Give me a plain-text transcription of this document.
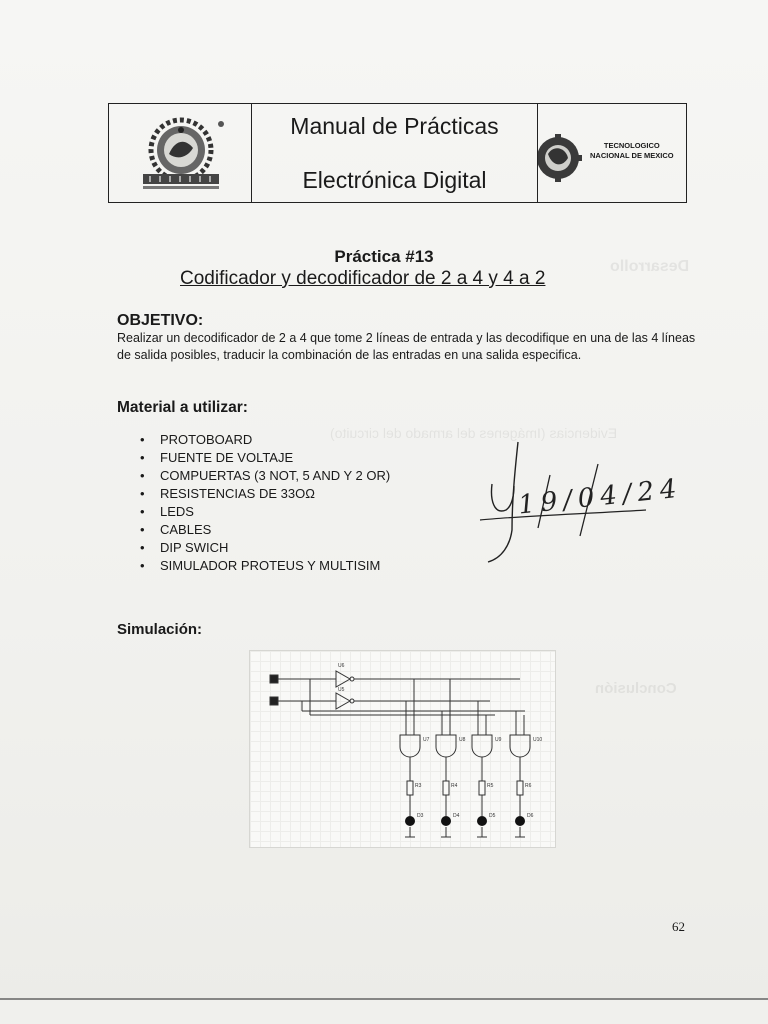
Desarrollo
Evidencias (Imágenes del armado del circuito)
Conclusión
Manual de Prácticas
Electrónica Digital
TECNOLOGICO
NACIONAL DE MEXICO
Práctica #13
Codificador y decodificador de 2 a 4 y 4 a 2
OBJETIVO:
Realizar un decodificador de 2 a 4 que tome 2 líneas de entrada y las decodifique en una de las 4 líneas de salida posibles, traducir la combinación de las entradas en una salida especifica.
Material a utilizar:
• PROTOBOARD
• FUENTE DE VOLTAJE
• COMPUERTAS (3 NOT, 5 AND Y 2 OR)
• RESISTENCIAS DE 33OΩ
• LEDS
• CABLES
• DIP SWICH
• SIMULADOR PROTEUS Y MULTISIM
19/04/24
Simulación:
U6
U5
U7	U8	U9	U10
R3	R4	R5	R6
D3	D4	D5	D6
62
